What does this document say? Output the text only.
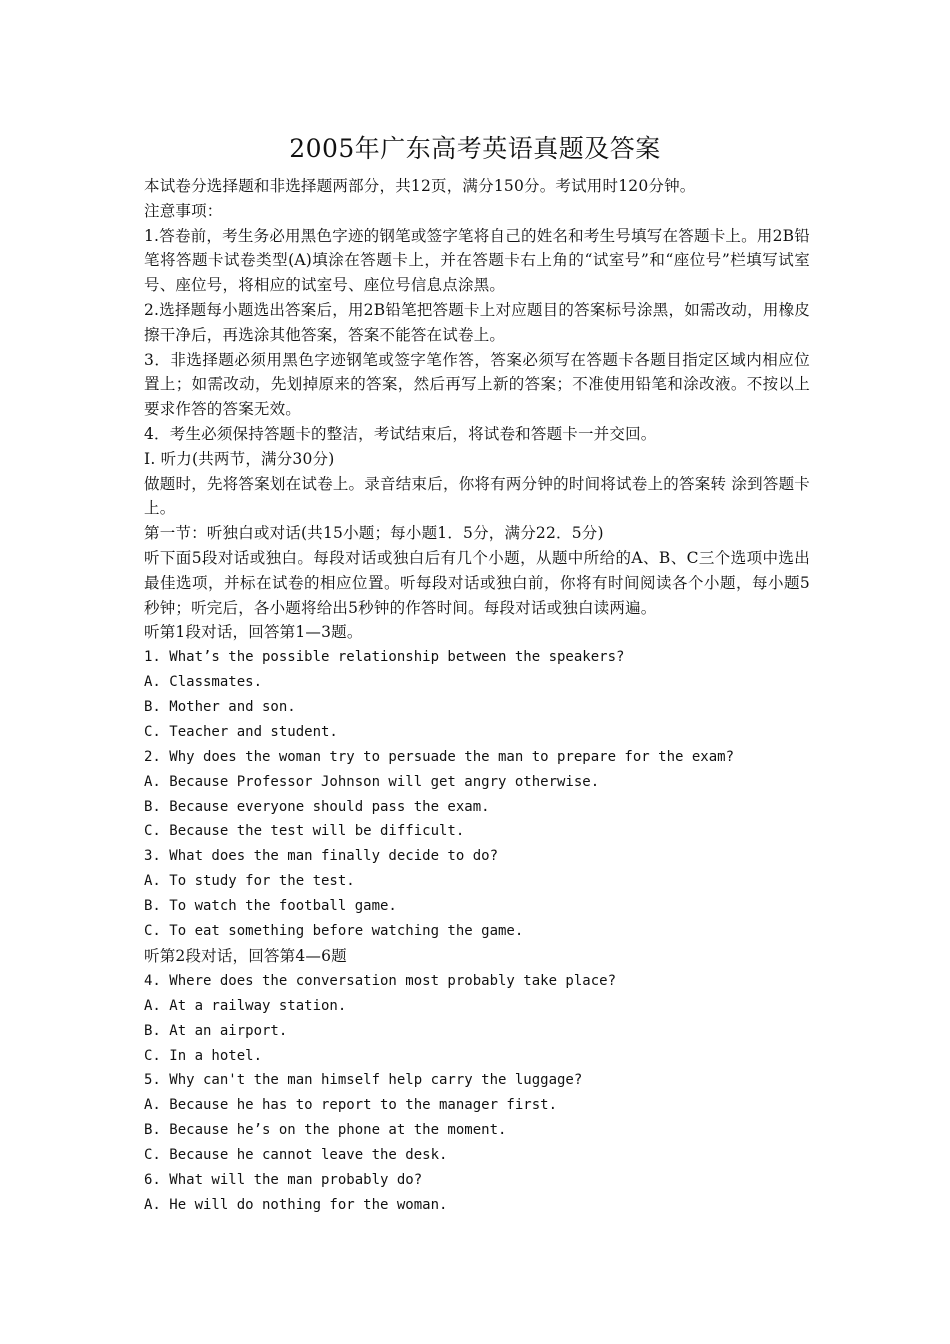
2005年广东高考英语真题及答案

本试卷分选择题和非选择题两部分，共12页，满分150分。考试用时120分钟。

注意事项：

1.答卷前，考生务必用黑色字迹的钢笔或签字笔将自己的姓名和考生号填写在答题卡上。用2B铅笔将答题卡试卷类型(A)填涂在答题卡上，并在答题卡右上角的“试室号”和“座位号”栏填写试室号、座位号，将相应的试室号、座位号信息点涂黑。

2.选择题每小题选出答案后，用2B铅笔把答题卡上对应题目的答案标号涂黑，如需改动，用橡皮擦干净后，再选涂其他答案，答案不能答在试卷上。

3．非选择题必须用黑色字迹钢笔或签字笔作答，答案必须写在答题卡各题目指定区域内相应位置上；如需改动，先划掉原来的答案，然后再写上新的答案；不准使用铅笔和涂改液。不按以上要求作答的答案无效。

4．考生必须保持答题卡的整洁，考试结束后，将试卷和答题卡一并交回。

I. 听力(共两节，满分30分)

做题时，先将答案划在试卷上。录音结束后，你将有两分钟的时间将试卷上的答案转 涂到答题卡上。

第一节：听独白或对话(共15小题；每小题1．5分，满分22．5分)

听下面5段对话或独白。每段对话或独白后有几个小题，从题中所给的A、B、C三个选项中选出最佳选项，并标在试卷的相应位置。听每段对话或独白前，你将有时间阅读各个小题，每小题5秒钟；听完后，各小题将给出5秒钟的作答时间。每段对话或独白读两遍。

听第1段对话，回答第1—3题。

1. What’s the possible relationship between the speakers?

A. Classmates.

B. Mother and son.

C. Teacher and student.

2. Why does the woman try to persuade the man to prepare for the exam?

A. Because Professor Johnson will get angry otherwise.

B. Because everyone should pass the exam.

C. Because the test will be difficult.

3. What does the man finally decide to do?

A. To study for the test.

B. To watch the football game.

C. To eat something before watching the game.

听第2段对话，回答第4—6题

4. Where does the conversation most probably take place?

A. At a railway station.

B. At an airport.

C. In a hotel.

5. Why can't the man himself help carry the luggage?

A. Because he has to report to the manager first.

B. Because he’s on the phone at the moment.

C. Because he cannot leave the desk.

6. What will the man probably do?

A. He will do nothing for the woman.
